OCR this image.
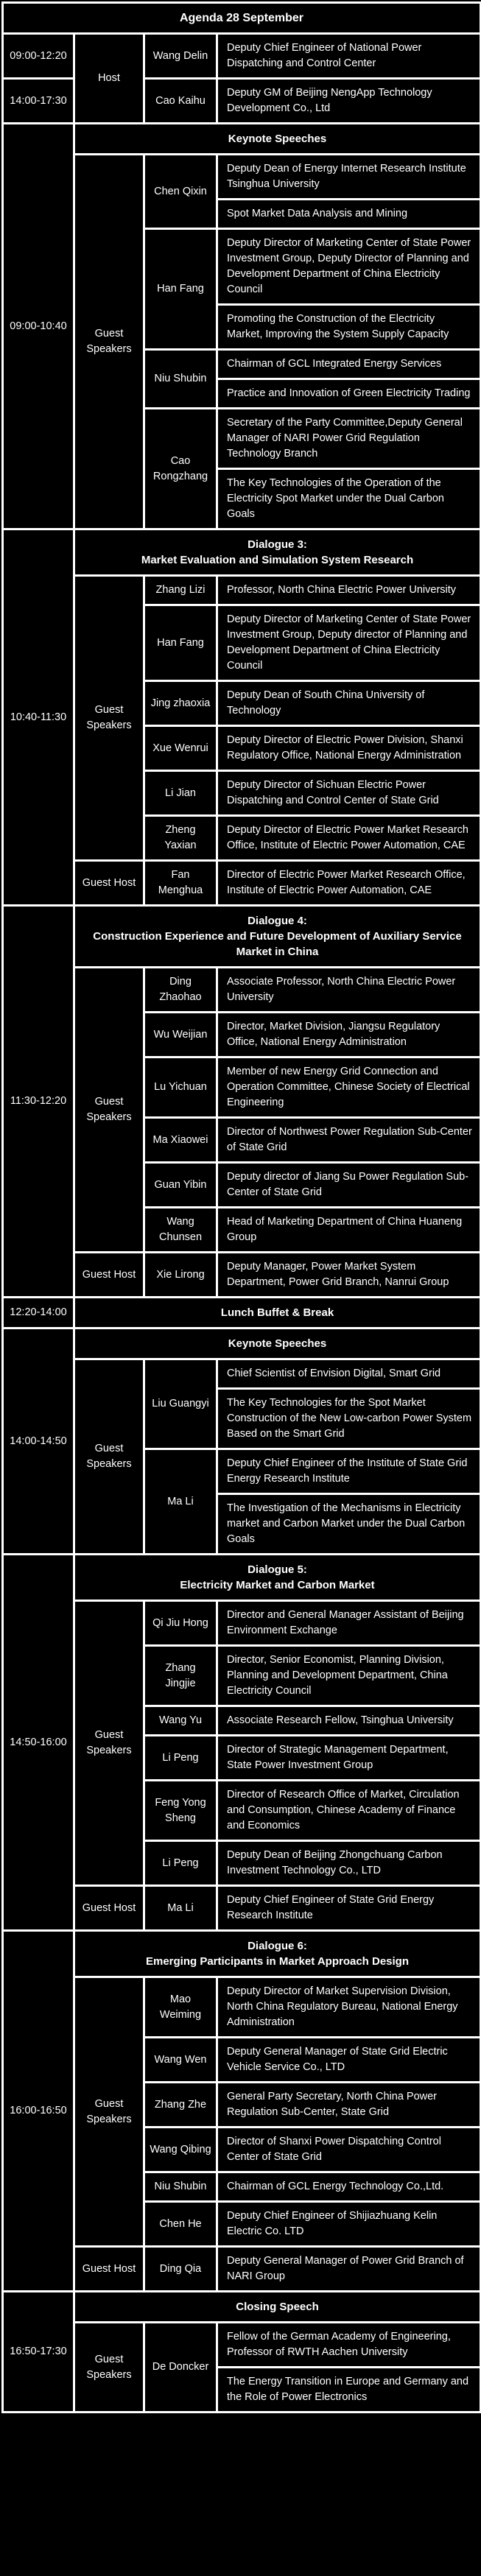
Agenda 28 September			
09:00-12:20	Host	Wang Delin	Deputy Chief Engineer of National Power Dispatching and Control Center
14:00-17:30		Cao Kaihu	Deputy GM of Beijing NengApp Technology Development Co., Ltd
09:00-10:40	Keynote Speeches		

	Guest Speakers	Chen Qixin	Deputy Dean of Energy Internet Research Institute Tsinghua University
			Spot Market Data Analysis and Mining
		Han Fang	Deputy Director of Marketing Center of State Power Investment Group, Deputy Director of Planning and Development Department of China Electricity Council
			Promoting the Construction of the Electricity Market, Improving the System Supply Capacity
		Niu Shubin	Chairman of GCL Integrated Energy Services
			Practice and Innovation of Green Electricity Trading
		Cao Rongzhang	Secretary of the Party Committee,Deputy General Manager of NARI Power Grid Regulation Technology Branch
			The Key Technologies of the Operation of the Electricity Spot Market under the Dual Carbon Goals
10:40-11:30	Dialogue 3:
Market Evaluation and Simulation System Research		

	Guest Speakers	Zhang Lizi	Professor, North China Electric Power University
		Han Fang	Deputy Director of Marketing Center of State Power Investment Group, Deputy director of Planning and Development Department of China Electricity Council
		Jing zhaoxia	Deputy Dean of South China University of Technology
		Xue Wenrui	Deputy Director of Electric Power Division, Shanxi Regulatory Office, National Energy Administration
		Li Jian	Deputy Director of Sichuan Electric Power Dispatching and Control Center of State Grid
		Zheng Yaxian	Deputy Director of Electric Power Market Research Office, Institute of Electric Power Automation, CAE
	Guest Host	Fan Menghua	Director of Electric Power Market Research Office, Institute of Electric Power Automation, CAE
11:30-12:20	Dialogue 4:
Construction Experience and Future Development of Auxiliary Service Market in China		

	Guest Speakers	Ding Zhaohao	Associate Professor, North China Electric Power University
		Wu Weijian	Director, Market Division, Jiangsu Regulatory Office, National Energy Administration
		Lu Yichuan	Member of new Energy Grid Connection and Operation Committee, Chinese Society of Electrical Engineering
		Ma Xiaowei	Director of Northwest Power Regulation Sub-Center of State Grid
		Guan Yibin	Deputy director of Jiang Su Power Regulation Sub-Center of State Grid
		Wang Chunsen	Head of Marketing Department of China Huaneng Group
	Guest Host	Xie Lirong	Deputy Manager, Power Market System Department, Power Grid Branch, Nanrui Group
12:20-14:00	Lunch Buffet & Break		

14:00-14:50	Keynote Speeches		

	Guest Speakers	Liu Guangyi	Chief Scientist of Envision Digital, Smart Grid
			The Key Technologies for the Spot Market Construction of the New Low-carbon Power System Based on the Smart Grid
		Ma Li	Deputy Chief Engineer of the Institute of State Grid Energy Research Institute
			The Investigation of the Mechanisms in Electricity market and Carbon Market under the Dual Carbon Goals
14:50-16:00	Dialogue 5:
Electricity Market and Carbon Market		

	Guest Speakers	Qi Jiu Hong	Director and General Manager Assistant of Beijing Environment Exchange
		Zhang Jingjie	Director, Senior Economist, Planning Division, Planning and Development Department, China Electricity Council
		Wang Yu	Associate Research Fellow, Tsinghua University
		Li Peng	Director of Strategic Management Department, State Power Investment Group
		Feng Yong Sheng	Director of Research Office of Market, Circulation and Consumption, Chinese Academy of Finance and Economics
		Li Peng	Deputy Dean of Beijing Zhongchuang Carbon Investment Technology Co., LTD
	Guest Host	Ma Li	Deputy Chief Engineer of State Grid Energy Research Institute
16:00-16:50	Dialogue 6:
Emerging Participants in Market Approach Design		

	Guest Speakers	Mao Weiming	Deputy Director of Market Supervision Division, North China Regulatory Bureau, National Energy Administration
		Wang Wen	Deputy General Manager of State Grid Electric Vehicle Service Co., LTD
		Zhang Zhe	General Party Secretary, North China Power Regulation Sub-Center, State Grid
		Wang Qibing	Director of Shanxi Power Dispatching Control Center of State Grid
		Niu Shubin	Chairman of GCL Energy Technology Co.,Ltd.
		Chen He	Deputy Chief Engineer of Shijiazhuang Kelin Electric Co. LTD
	Guest Host	Ding Qia	Deputy General Manager of Power Grid Branch of NARI Group
16:50-17:30	Closing Speech		

	Guest Speakers	De Doncker	Fellow of the German Academy of Engineering, Professor of RWTH Aachen University
			The Energy Transition in Europe and Germany and the Role of Power Electronics
